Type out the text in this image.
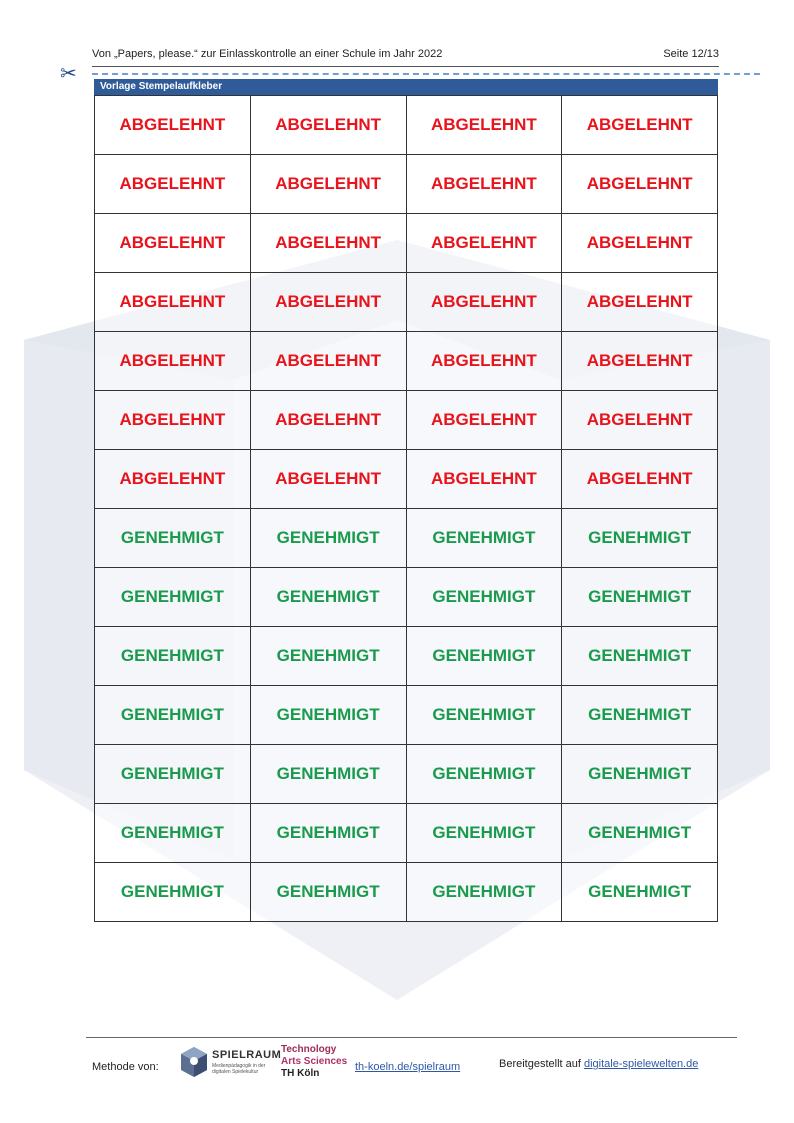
Von „Papers, please.“ zur Einlasskontrolle an einer Schule im Jahr 2022	Seite 12/13
✂
Vorlage Stempelaufkleber
ABGELEHNT	ABGELEHNT	ABGELEHNT	ABGELEHNT
ABGELEHNT	ABGELEHNT	ABGELEHNT	ABGELEHNT
ABGELEHNT	ABGELEHNT	ABGELEHNT	ABGELEHNT
ABGELEHNT	ABGELEHNT	ABGELEHNT	ABGELEHNT
ABGELEHNT	ABGELEHNT	ABGELEHNT	ABGELEHNT
ABGELEHNT	ABGELEHNT	ABGELEHNT	ABGELEHNT
ABGELEHNT	ABGELEHNT	ABGELEHNT	ABGELEHNT
GENEHMIGT	GENEHMIGT	GENEHMIGT	GENEHMIGT
GENEHMIGT	GENEHMIGT	GENEHMIGT	GENEHMIGT
GENEHMIGT	GENEHMIGT	GENEHMIGT	GENEHMIGT
GENEHMIGT	GENEHMIGT	GENEHMIGT	GENEHMIGT
GENEHMIGT	GENEHMIGT	GENEHMIGT	GENEHMIGT
GENEHMIGT	GENEHMIGT	GENEHMIGT	GENEHMIGT
GENEHMIGT	GENEHMIGT	GENEHMIGT	GENEHMIGT
Methode von:
SPIELRAUM
Medienpädagogik in der digitalen Spielekultur
Technology
Arts Sciences
TH Köln
th-koeln.de/spielraum	Bereitgestellt auf digitale-spielewelten.de
